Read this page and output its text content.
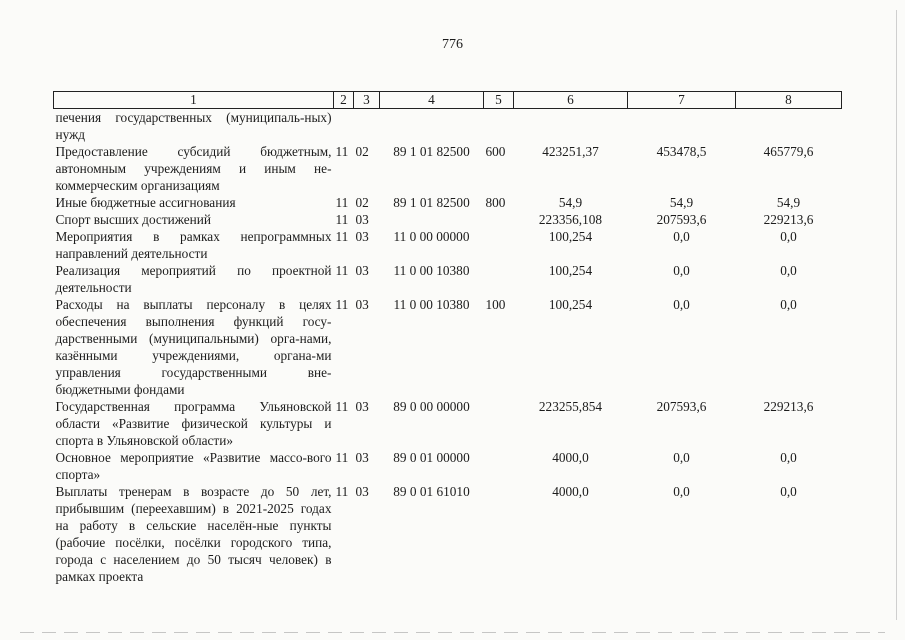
776
1	2	3	4	5	6	7	8
печения государственных (муниципаль-ных) нужд							
Предоставление субсидий бюджетным, автономным учреждениям и иным не-коммерческим организациям	11	02	89 1 01 82500	600	423251,37	453478,5	465779,6
Иные бюджетные ассигнования	11	02	89 1 01 82500	800	54,9	54,9	54,9
Спорт высших достижений	11	03			223356,108	207593,6	229213,6
Мероприятия в рамках непрограммных направлений деятельности	11	03	11 0 00 00000		100,254	0,0	0,0
Реализация мероприятий по проектной деятельности	11	03	11 0 00 10380		100,254	0,0	0,0
Расходы на выплаты персоналу в целях обеспечения выполнения функций госу-дарственными (муниципальными) орга-нами, казёнными учреждениями, органа-ми управления государственными вне-бюджетными фондами	11	03	11 0 00 10380	100	100,254	0,0	0,0
Государственная программа Ульяновской области «Развитие физической культуры и спорта в Ульяновской области»	11	03	89 0 00 00000		223255,854	207593,6	229213,6
Основное мероприятие «Развитие массо-вого спорта»	11	03	89 0 01 00000		4000,0	0,0	0,0
Выплаты тренерам в возрасте до 50 лет, прибывшим (переехавшим) в 2021-2025 годах на работу в сельские населён-ные пункты (рабочие посёлки, посёлки городского типа, города с населением до 50 тысяч человек) в рамках проекта	11	03	89 0 01 61010		4000,0	0,0	0,0
